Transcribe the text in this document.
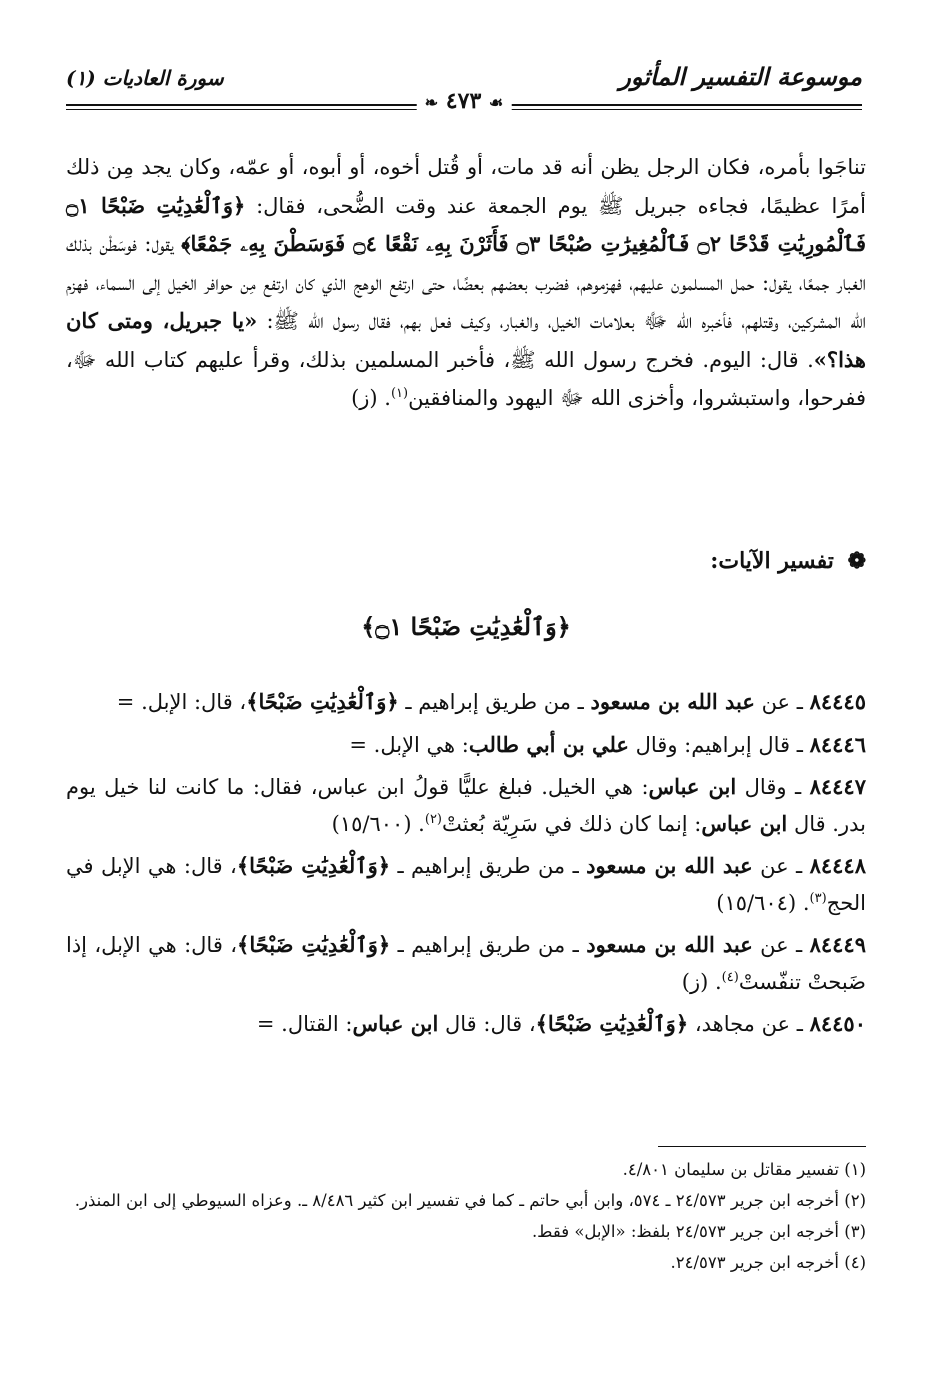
موسوعة التفسير المأثور
سورة العاديات (١)
☙ ٤٧٣ ❧
تناجَوا بأمره، فكان الرجل يظن أنه قد مات، أو قُتل أخوه، أو أبوه، أو عمّه، وكان يجد مِن ذلك أمرًا عظيمًا، فجاءه جبريل ﷺ يوم الجمعة عند وقت الضُّحى، فقال: ﴿وَٱلْعَٰدِيَٰتِ ضَبْحًا ۝١ فَٱلْمُورِيَٰتِ قَدْحًا ۝٢ فَٱلْمُغِيرَٰتِ صُبْحًا ۝٣ فَأَثَرْنَ بِهِۦ نَقْعًا ۝٤ فَوَسَطْنَ بِهِۦ جَمْعًا﴾ يقول: فوسَطْن بذلك الغبار جمعًا، يقول: حمل المسلمون عليهم، فهزموهم، فضرب بعضهم بعضًا، حتى ارتفع الوهج الذي كان ارتفع مِن حوافر الخيل إلى السماء، فهزم الله المشركين، وقتلهم، فأخبره الله ﷻ بعلامات الخيل، والغبار، وكيف فعل بهم، فقال رسول الله ﷺ: «يا جبريل، ومتى كان هذا؟». قال: اليوم. فخرج رسول الله ﷺ، فأخبر المسلمين بذلك، وقرأ عليهم كتاب الله ﷻ، ففرحوا، واستبشروا، وأخزى الله ﷻ اليهود والمنافقين$^{(١)}$. (ز)
❁ تفسير الآيات:
﴿وَٱلْعَٰدِيَٰتِ ضَبْحًا ۝١﴾
٨٤٤٤٥ ـ عن عبد الله بن مسعود ـ من طريق إبراهيم ـ ﴿وَٱلْعَٰدِيَٰتِ ضَبْحًا﴾، قال: الإبل. =
٨٤٤٤٦ ـ قال إبراهيم: وقال علي بن أبي طالب: هي الإبل. =
٨٤٤٤٧ ـ وقال ابن عباس: هي الخيل. فبلغ عليًّا قولُ ابن عباس، فقال: ما كانت لنا خيل يوم بدر. قال ابن عباس: إنما كان ذلك في سَرِيّة بُعثتْ$^{(٢)}$. (١٥/٦٠٠)
٨٤٤٤٨ ـ عن عبد الله بن مسعود ـ من طريق إبراهيم ـ ﴿وَٱلْعَٰدِيَٰتِ ضَبْحًا﴾، قال: هي الإبل في الحج$^{(٣)}$. (١٥/٦٠٤)
٨٤٤٤٩ ـ عن عبد الله بن مسعود ـ من طريق إبراهيم ـ ﴿وَٱلْعَٰدِيَٰتِ ضَبْحًا﴾، قال: هي الإبل، إذا ضَبحتْ تنفّستْ$^{(٤)}$. (ز)
٨٤٤٥٠ ـ عن مجاهد، ﴿وَٱلْعَٰدِيَٰتِ ضَبْحًا﴾، قال: قال ابن عباس: القتال. =
(١) تفسير مقاتل بن سليمان ٤/٨٠١.
(٢) أخرجه ابن جرير ٢٤/٥٧٣ ـ ٥٧٤، وابن أبي حاتم ـ كما في تفسير ابن كثير ٨/٤٨٦ ـ. وعزاه السيوطي إلى ابن المنذر.
(٣) أخرجه ابن جرير ٢٤/٥٧٣ بلفظ: «الإبل» فقط.
(٤) أخرجه ابن جرير ٢٤/٥٧٣.
